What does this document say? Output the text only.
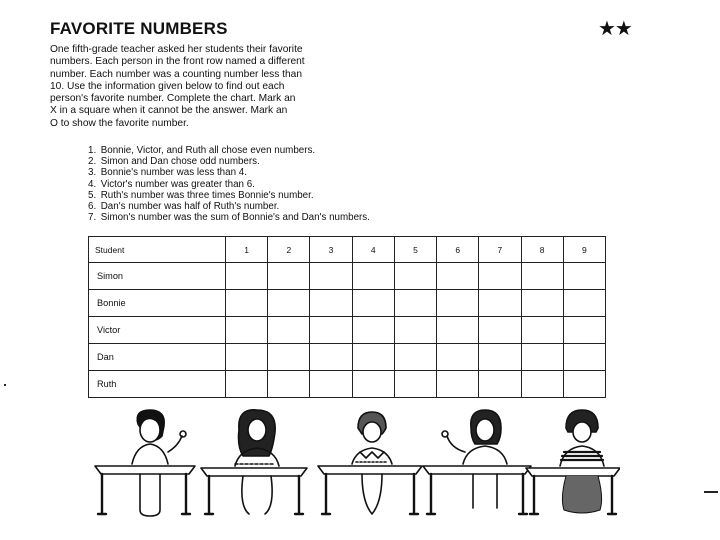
FAVORITE NUMBERS	★★
One fifth-grade teacher asked her students their favorite
numbers. Each person in the front row named a different
number. Each number was a counting number less than
10. Use the information given below to find out each
person's favorite number. Complete the chart. Mark an
X in a square when it cannot be the answer. Mark an
O to show the favorite number.
1. Bonnie, Victor, and Ruth all chose even numbers.
2. Simon and Dan chose odd numbers.
3. Bonnie's number was less than 4.
4. Victor's number was greater than 6.
5. Ruth's number was three times Bonnie's number.
6. Dan's number was half of Ruth's number.
7. Simon's number was the sum of Bonnie's and Dan's numbers.
Student	1	2	3	4	5	6	7	8	9
Simon									
Bonnie									
Victor									
Dan									
Ruth									
